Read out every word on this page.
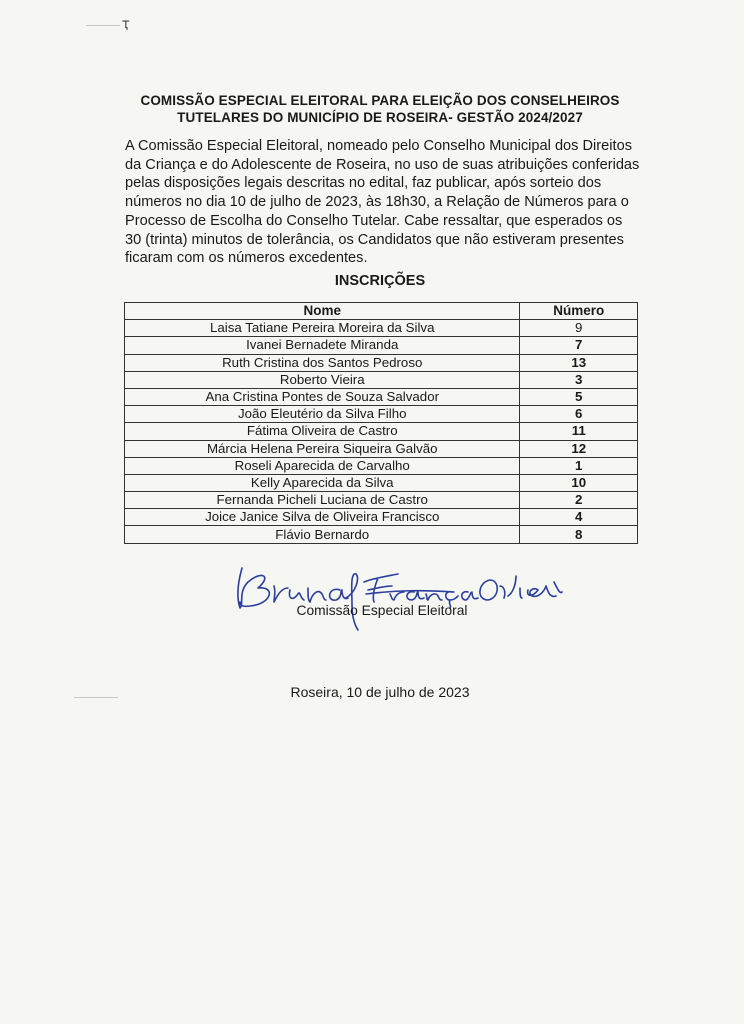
ҭ
COMISSÃO ESPECIAL ELEITORAL PARA ELEIÇÃO DOS CONSELHEIROS
TUTELARES DO MUNICÍPIO DE ROSEIRA- GESTÃO 2024/2027
A Comissão Especial Eleitoral, nomeado pelo Conselho Municipal dos Direitos
da Criança e do Adolescente de Roseira, no uso de suas atribuições conferidas
pelas disposições legais descritas no edital, faz publicar, após sorteio dos
números no dia 10 de julho de 2023, às 18h30, a Relação de Números para o
Processo de Escolha do Conselho Tutelar. Cabe ressaltar, que esperados os
30 (trinta) minutos de tolerância, os Candidatos que não estiveram presentes
ficaram com os números excedentes.
INSCRIÇÕES
Nome	Número
Laisa Tatiane Pereira Moreira da Silva	9
Ivanei Bernadete Miranda	7
Ruth Cristina dos Santos Pedroso	13
Roberto Vieira	3
Ana Cristina Pontes de Souza Salvador	5
João Eleutério da Silva Filho	6
Fátima Oliveira de Castro	11
Márcia Helena Pereira Siqueira Galvão	12
Roseli Aparecida de Carvalho	1
Kelly Aparecida da Silva	10
Fernanda Picheli Luciana de Castro	2
Joice Janice Silva de Oliveira Francisco	4
Flávio Bernardo	8
Comissão Especial Eleitoral
Roseira, 10 de julho de 2023
